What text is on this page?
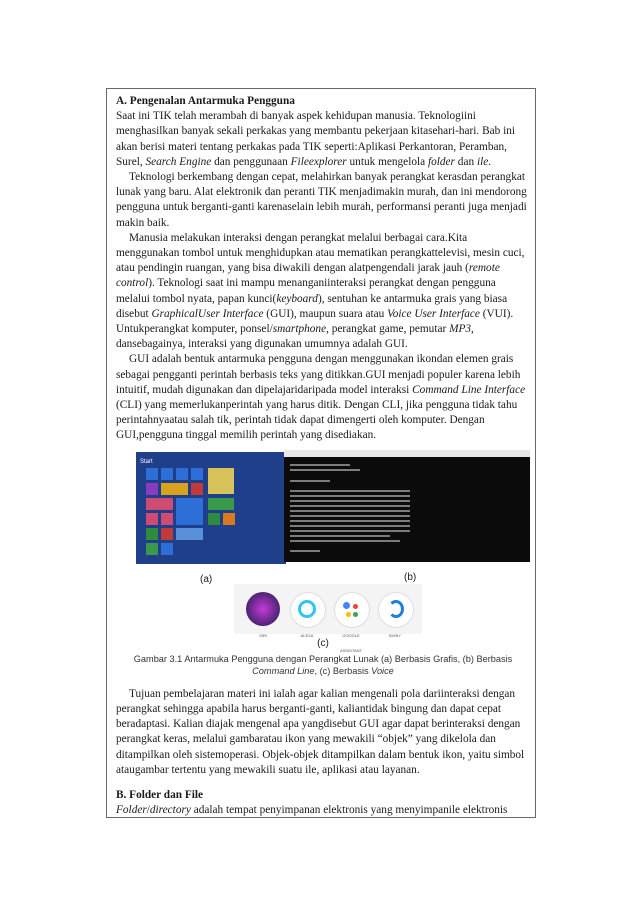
A. Pengenalan Antarmuka Pengguna

Saat ini TIK telah merambah di banyak aspek kehidupan manusia. Teknologiini menghasilkan banyak sekali perkakas yang membantu pekerjaan kitasehari-hari. Bab ini akan berisi materi tentang perkakas pada TIK seperti:Aplikasi Perkantoran, Peramban, Surel, Search Engine dan penggunaan Fileexplorer untuk mengelola folder dan ile.

Teknologi berkembang dengan cepat, melahirkan banyak perangkat kerasdan perangkat lunak yang baru. Alat elektronik dan peranti TIK menjadimakin murah, dan ini mendorong pengguna untuk berganti-ganti karenaselain lebih murah, performansi peranti juga menjadi makin baik.

Manusia melakukan interaksi dengan perangkat melalui berbagai cara.Kita menggunakan tombol untuk menghidupkan atau mematikan perangkattelevisi, mesin cuci, atau pendingin ruangan, yang bisa diwakili dengan alatpengendali jarak jauh (remote control). Teknologi saat ini mampu menanganiinteraksi perangkat dengan pengguna melalui tombol nyata, papan kunci(keyboard), sentuhan ke antarmuka grais yang biasa disebut GraphicalUser Interface (GUI), maupun suara atau Voice User Interface (VUI). Untukperangkat komputer, ponsel/smartphone, perangkat game, pemutar MP3, dansebagainya, interaksi yang digunakan umumnya adalah GUI.

GUI adalah bentuk antarmuka pengguna dengan menggunakan ikondan elemen grais sebagai pengganti perintah berbasis teks yang ditikkan.GUI menjadi populer karena lebih intuitif, mudah digunakan dan dipelajaridaripada model interaksi Command Line Interface (CLI) yang memerlukanperintah yang harus ditik. Dengan CLI, jika pengguna tidak tahu perintahnyaatau salah tik, perintah tidak dapat dimengerti oleh komputer. Dengan GUI,pengguna tinggal memilih perintah yang disediakan.

Start
(a)	(b)
SIRI	ALEXA	GOOGLE ASSISTANT
BIXBY
(c)
Gambar 3.1 Antarmuka Pengguna dengan Perangkat Lunak (a) Berbasis Grafis, (b) Berbasis Command Line, (c) Berbasis Voice

Tujuan pembelajaran materi ini ialah agar kalian mengenali pola dariinteraksi dengan perangkat sehingga apabila harus berganti-ganti, kaliantidak bingung dan dapat cepat beradaptasi. Kalian diajak mengenal apa yangdisebut GUI agar dapat berinteraksi dengan perangkat keras, melalui gambaratau ikon yang mewakili “objek” yang dikelola dan ditampilkan oleh sistemoperasi. Objek-objek ditampilkan dalam bentuk ikon, yaitu simbol ataugambar tertentu yang mewakili suatu ile, aplikasi atau layanan.

B. Folder dan File

Folder/directory adalah tempat penyimpanan elektronis yang menyimpanile elektronis
